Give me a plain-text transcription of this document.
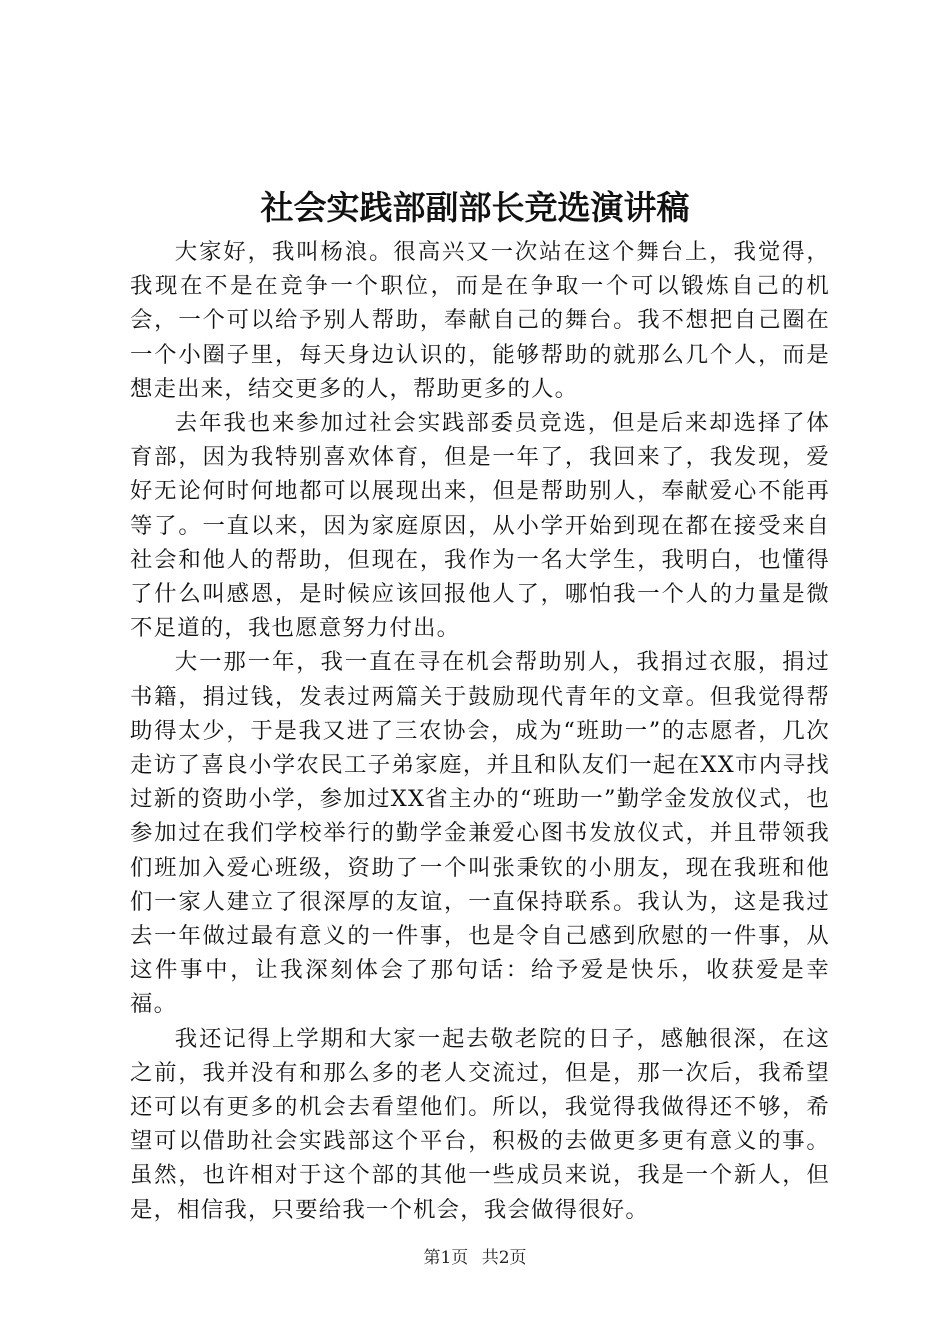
社会实践部副部长竞选演讲稿

大家好，我叫杨浪。很高兴又一次站在这个舞台上，我觉得，我现在不是在竞争一个职位，而是在争取一个可以锻炼自己的机会，一个可以给予别人帮助，奉献自己的舞台。我不想把自己圈在一个小圈子里，每天身边认识的，能够帮助的就那么几个人，而是想走出来，结交更多的人，帮助更多的人。

去年我也来参加过社会实践部委员竞选，但是后来却选择了体育部，因为我特别喜欢体育，但是一年了，我回来了，我发现，爱好无论何时何地都可以展现出来，但是帮助别人，奉献爱心不能再等了。一直以来，因为家庭原因，从小学开始到现在都在接受来自社会和他人的帮助，但现在，我作为一名大学生，我明白，也懂得了什么叫感恩，是时候应该回报他人了，哪怕我一个人的力量是微不足道的，我也愿意努力付出。

大一那一年，我一直在寻在机会帮助别人，我捐过衣服，捐过书籍，捐过钱，发表过两篇关于鼓励现代青年的文章。但我觉得帮助得太少，于是我又进了三农协会，成为“班助一”的志愿者，几次走访了喜良小学农民工子弟家庭，并且和队友们一起在XX市内寻找过新的资助小学，参加过XX省主办的“班助一”勤学金发放仪式，也参加过在我们学校举行的勤学金兼爱心图书发放仪式，并且带领我们班加入爱心班级，资助了一个叫张秉钦的小朋友，现在我班和他们一家人建立了很深厚的友谊，一直保持联系。我认为，这是我过去一年做过最有意义的一件事，也是令自己感到欣慰的一件事，从这件事中，让我深刻体会了那句话：给予爱是快乐，收获爱是幸福。

我还记得上学期和大家一起去敬老院的日子，感触很深，在这之前，我并没有和那么多的老人交流过，但是，那一次后，我希望还可以有更多的机会去看望他们。所以，我觉得我做得还不够，希望可以借助社会实践部这个平台，积极的去做更多更有意义的事。虽然，也许相对于这个部的其他一些成员来说，我是一个新人，但是，相信我，只要给我一个机会，我会做得很好。

第1页 共2页
